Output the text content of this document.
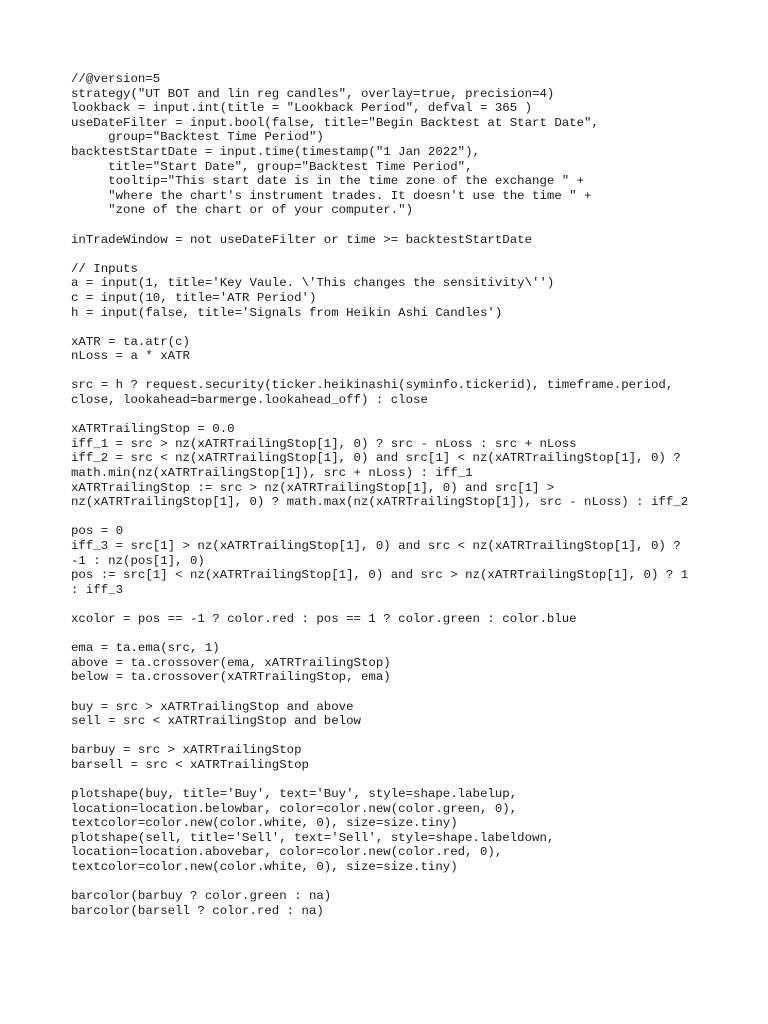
//@version=5
strategy("UT BOT and lin reg candles", overlay=true, precision=4)
lookback = input.int(title = "Lookback Period", defval = 365 )
useDateFilter = input.bool(false, title="Begin Backtest at Start Date",
group="Backtest Time Period")
backtestStartDate = input.time(timestamp("1 Jan 2022"),
title="Start Date", group="Backtest Time Period",
tooltip="This start date is in the time zone of the exchange " +
"where the chart's instrument trades. It doesn't use the time " +
"zone of the chart or of your computer.")
inTradeWindow = not useDateFilter or time >= backtestStartDate
// Inputs
a = input(1, title='Key Vaule. \'This changes the sensitivity\'')
c = input(10, title='ATR Period')
h = input(false, title='Signals from Heikin Ashi Candles')
xATR = ta.atr(c)
nLoss = a * xATR
src = h ? request.security(ticker.heikinashi(syminfo.tickerid), timeframe.period,
close, lookahead=barmerge.lookahead_off) : close
xATRTrailingStop = 0.0
iff_1 = src > nz(xATRTrailingStop[1], 0) ? src - nLoss : src + nLoss
iff_2 = src < nz(xATRTrailingStop[1], 0) and src[1] < nz(xATRTrailingStop[1], 0) ?
math.min(nz(xATRTrailingStop[1]), src + nLoss) : iff_1
xATRTrailingStop := src > nz(xATRTrailingStop[1], 0) and src[1] >
nz(xATRTrailingStop[1], 0) ? math.max(nz(xATRTrailingStop[1]), src - nLoss) : iff_2
pos = 0
iff_3 = src[1] > nz(xATRTrailingStop[1], 0) and src < nz(xATRTrailingStop[1], 0) ?
-1 : nz(pos[1], 0)
pos := src[1] < nz(xATRTrailingStop[1], 0) and src > nz(xATRTrailingStop[1], 0) ? 1
: iff_3
xcolor = pos == -1 ? color.red : pos == 1 ? color.green : color.blue
ema = ta.ema(src, 1)
above = ta.crossover(ema, xATRTrailingStop)
below = ta.crossover(xATRTrailingStop, ema)
buy = src > xATRTrailingStop and above
sell = src < xATRTrailingStop and below
barbuy = src > xATRTrailingStop
barsell = src < xATRTrailingStop
plotshape(buy, title='Buy', text='Buy', style=shape.labelup,
location=location.belowbar, color=color.new(color.green, 0),
textcolor=color.new(color.white, 0), size=size.tiny)
plotshape(sell, title='Sell', text='Sell', style=shape.labeldown,
location=location.abovebar, color=color.new(color.red, 0),
textcolor=color.new(color.white, 0), size=size.tiny)
barcolor(barbuy ? color.green : na)
barcolor(barsell ? color.red : na)
